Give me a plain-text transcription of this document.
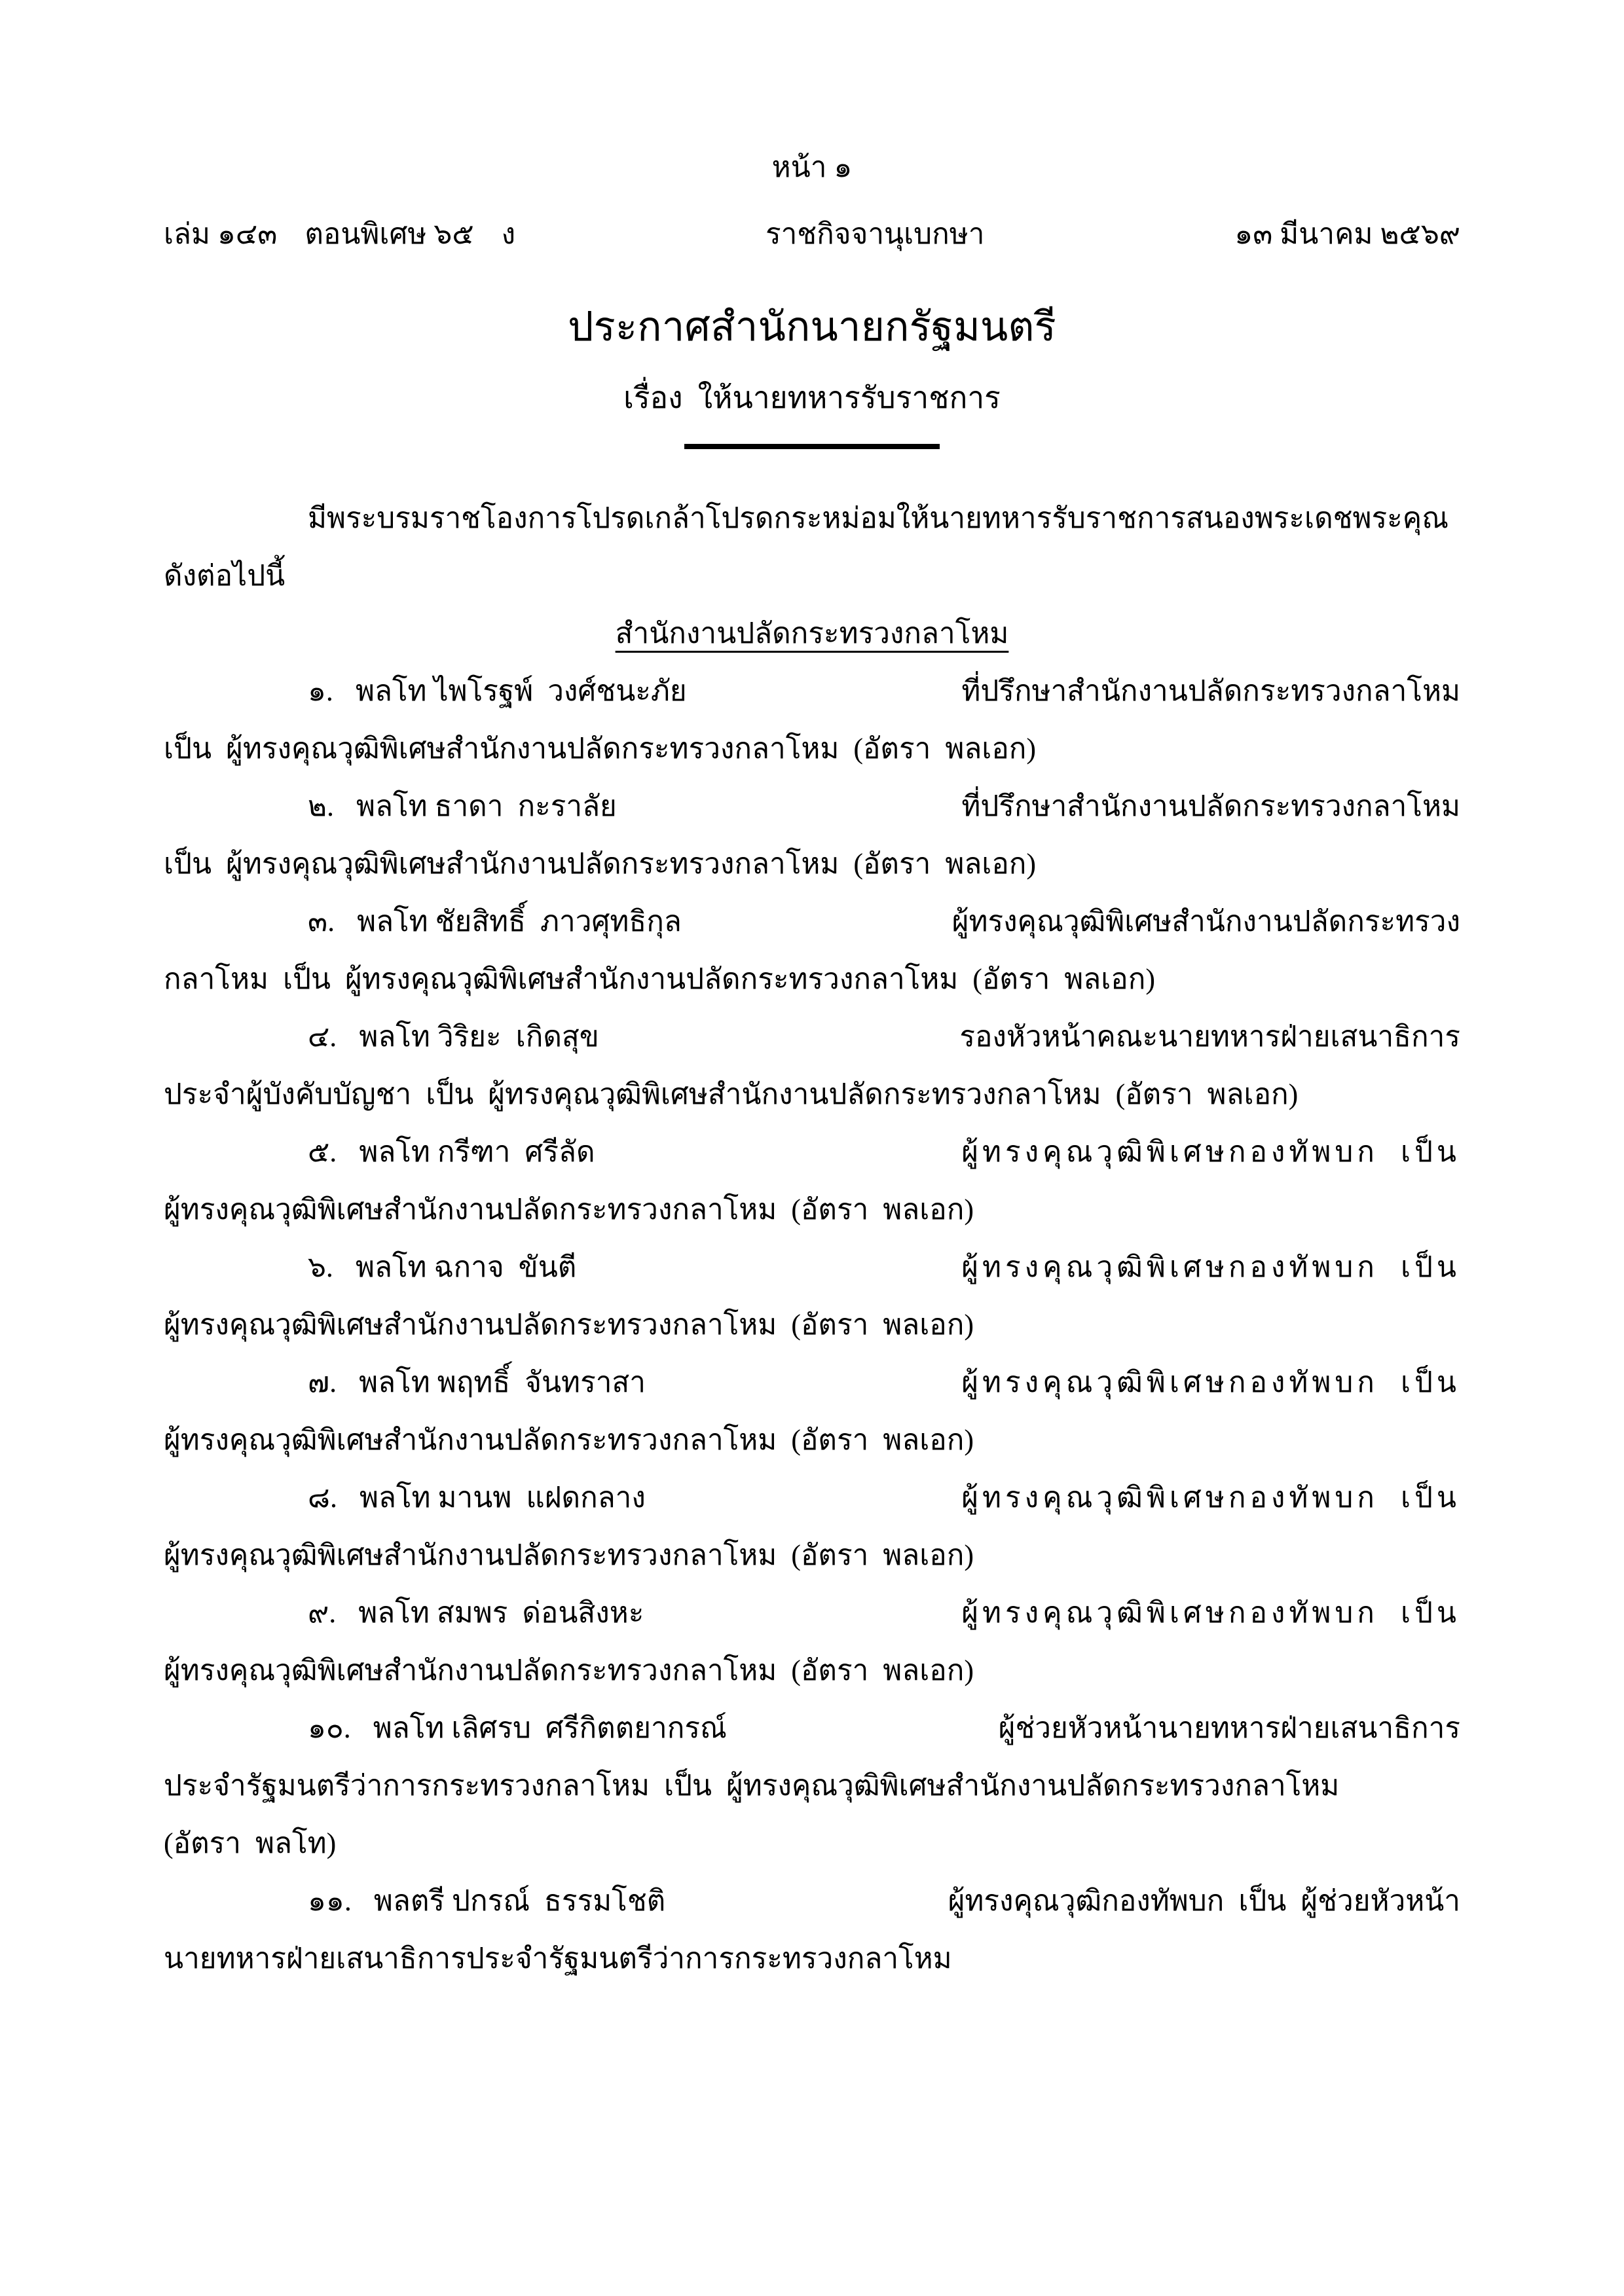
หน้า ๑
เล่ม ๑๔๓ ตอนพิเศษ ๖๕ ง	ราชกิจจานุเบกษา	๑๓ มีนาคม ๒๕๖๙
ประกาศสำนักนายกรัฐมนตรี
เรื่อง  ให้นายทหารรับราชการ
มีพระบรมราชโองการโปรดเกล้าโปรดกระหม่อมให้นายทหารรับราชการสนองพระเดชพระคุณ
ดังต่อไปนี้
สำนักงานปลัดกระทรวงกลาโหม
๑. พลโท ไพโรฐพ์  วงศ์ชนะภัย	ที่ปรึกษาสำนักงานปลัดกระทรวงกลาโหม
เป็น  ผู้ทรงคุณวุฒิพิเศษสำนักงานปลัดกระทรวงกลาโหม  (อัตรา  พลเอก)
๒. พลโท ธาดา  กะราลัย	ที่ปรึกษาสำนักงานปลัดกระทรวงกลาโหม
เป็น  ผู้ทรงคุณวุฒิพิเศษสำนักงานปลัดกระทรวงกลาโหม  (อัตรา  พลเอก)
๓. พลโท ชัยสิทธิ์  ภาวศุทธิกุล	ผู้ทรงคุณวุฒิพิเศษสำนักงานปลัดกระทรวง
กลาโหม  เป็น  ผู้ทรงคุณวุฒิพิเศษสำนักงานปลัดกระทรวงกลาโหม  (อัตรา  พลเอก)
๔. พลโท วิริยะ  เกิดสุข	รองหัวหน้าคณะนายทหารฝ่ายเสนาธิการ
ประจำผู้บังคับบัญชา  เป็น  ผู้ทรงคุณวุฒิพิเศษสำนักงานปลัดกระทรวงกลาโหม  (อัตรา  พลเอก)
๕. พลโท กรีฑา  ศรีลัด	ผู้ทรงคุณวุฒิพิเศษกองทัพบก  เป็น
ผู้ทรงคุณวุฒิพิเศษสำนักงานปลัดกระทรวงกลาโหม  (อัตรา  พลเอก)
๖. พลโท ฉกาจ  ขันตี	ผู้ทรงคุณวุฒิพิเศษกองทัพบก  เป็น
ผู้ทรงคุณวุฒิพิเศษสำนักงานปลัดกระทรวงกลาโหม  (อัตรา  พลเอก)
๗. พลโท พฤทธิ์  จันทราสา	ผู้ทรงคุณวุฒิพิเศษกองทัพบก  เป็น
ผู้ทรงคุณวุฒิพิเศษสำนักงานปลัดกระทรวงกลาโหม  (อัตรา  พลเอก)
๘. พลโท มานพ  แฝดกลาง	ผู้ทรงคุณวุฒิพิเศษกองทัพบก  เป็น
ผู้ทรงคุณวุฒิพิเศษสำนักงานปลัดกระทรวงกลาโหม  (อัตรา  พลเอก)
๙. พลโท สมพร  ด่อนสิงหะ	ผู้ทรงคุณวุฒิพิเศษกองทัพบก  เป็น
ผู้ทรงคุณวุฒิพิเศษสำนักงานปลัดกระทรวงกลาโหม  (อัตรา  พลเอก)
๑๐. พลโท เลิศรบ  ศรีกิตตยากรณ์	ผู้ช่วยหัวหน้านายทหารฝ่ายเสนาธิการ
ประจำรัฐมนตรีว่าการกระทรวงกลาโหม  เป็น  ผู้ทรงคุณวุฒิพิเศษสำนักงานปลัดกระทรวงกลาโหม
(อัตรา  พลโท)
๑๑. พลตรี ปกรณ์  ธรรมโชติ	ผู้ทรงคุณวุฒิกองทัพบก  เป็น  ผู้ช่วยหัวหน้า
นายทหารฝ่ายเสนาธิการประจำรัฐมนตรีว่าการกระทรวงกลาโหม
